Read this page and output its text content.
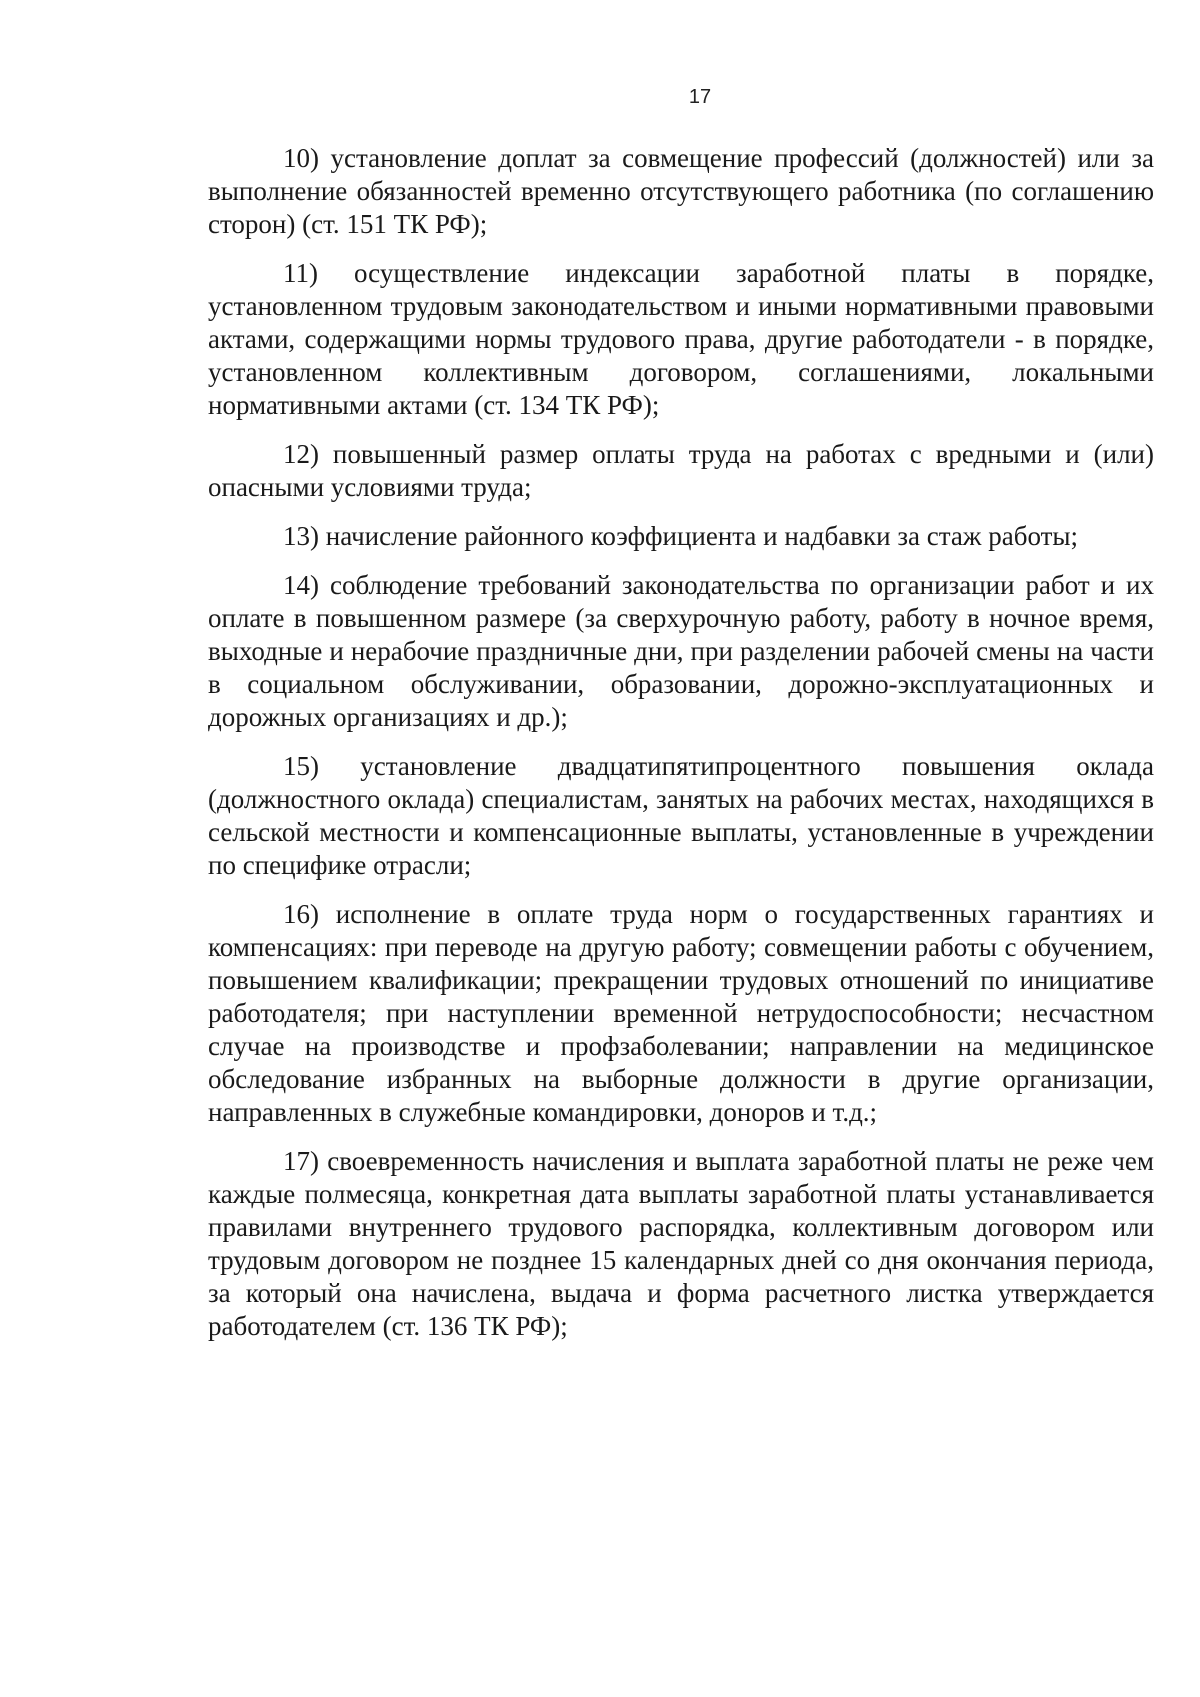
17

10) установление доплат за совмещение профессий (должностей) или за выполнение обязанностей временно отсутствующего работника (по соглашению сторон) (ст. 151 ТК РФ);

11) осуществление индексации заработной платы в порядке, установленном трудовым законодательством и иными нормативными правовыми актами, содержащими нормы трудового права, другие работодатели - в порядке, установленном коллективным договором, соглашениями, локальными нормативными актами (ст. 134 ТК РФ);

12) повышенный размер оплаты труда на работах с вредными и (или) опасными условиями труда;

13) начисление районного коэффициента и надбавки за стаж работы;

14) соблюдение требований законодательства по организации работ и их оплате в повышенном размере (за сверхурочную работу, работу в ночное время, выходные и нерабочие праздничные дни, при разделении рабочей смены на части в социальном обслуживании, образовании, дорожно-эксплуатационных и дорожных организациях и др.);

15) установление двадцатипятипроцентного повышения оклада (должностного оклада) специалистам, занятых на рабочих местах, находящихся в сельской местности и компенсационные выплаты, установленные в учреждении по специфике отрасли;

16) исполнение в оплате труда норм о государственных гарантиях и компенсациях: при переводе на другую работу; совмещении работы с обучением, повышением квалификации; прекращении трудовых отношений по инициативе работодателя; при наступлении временной нетрудоспособности; несчастном случае на производстве и профзаболевании; направлении на медицинское обследование избранных на выборные должности в другие организации, направленных в служебные командировки, доноров и т.д.;

17) своевременность начисления и выплата заработной платы не реже чем каждые полмесяца, конкретная дата выплаты заработной платы устанавливается правилами внутреннего трудового распорядка, коллективным договором или трудовым договором не позднее 15 календарных дней со дня окончания периода, за который она начислена, выдача и форма расчетного листка утверждается работодателем (ст. 136 ТК РФ);
